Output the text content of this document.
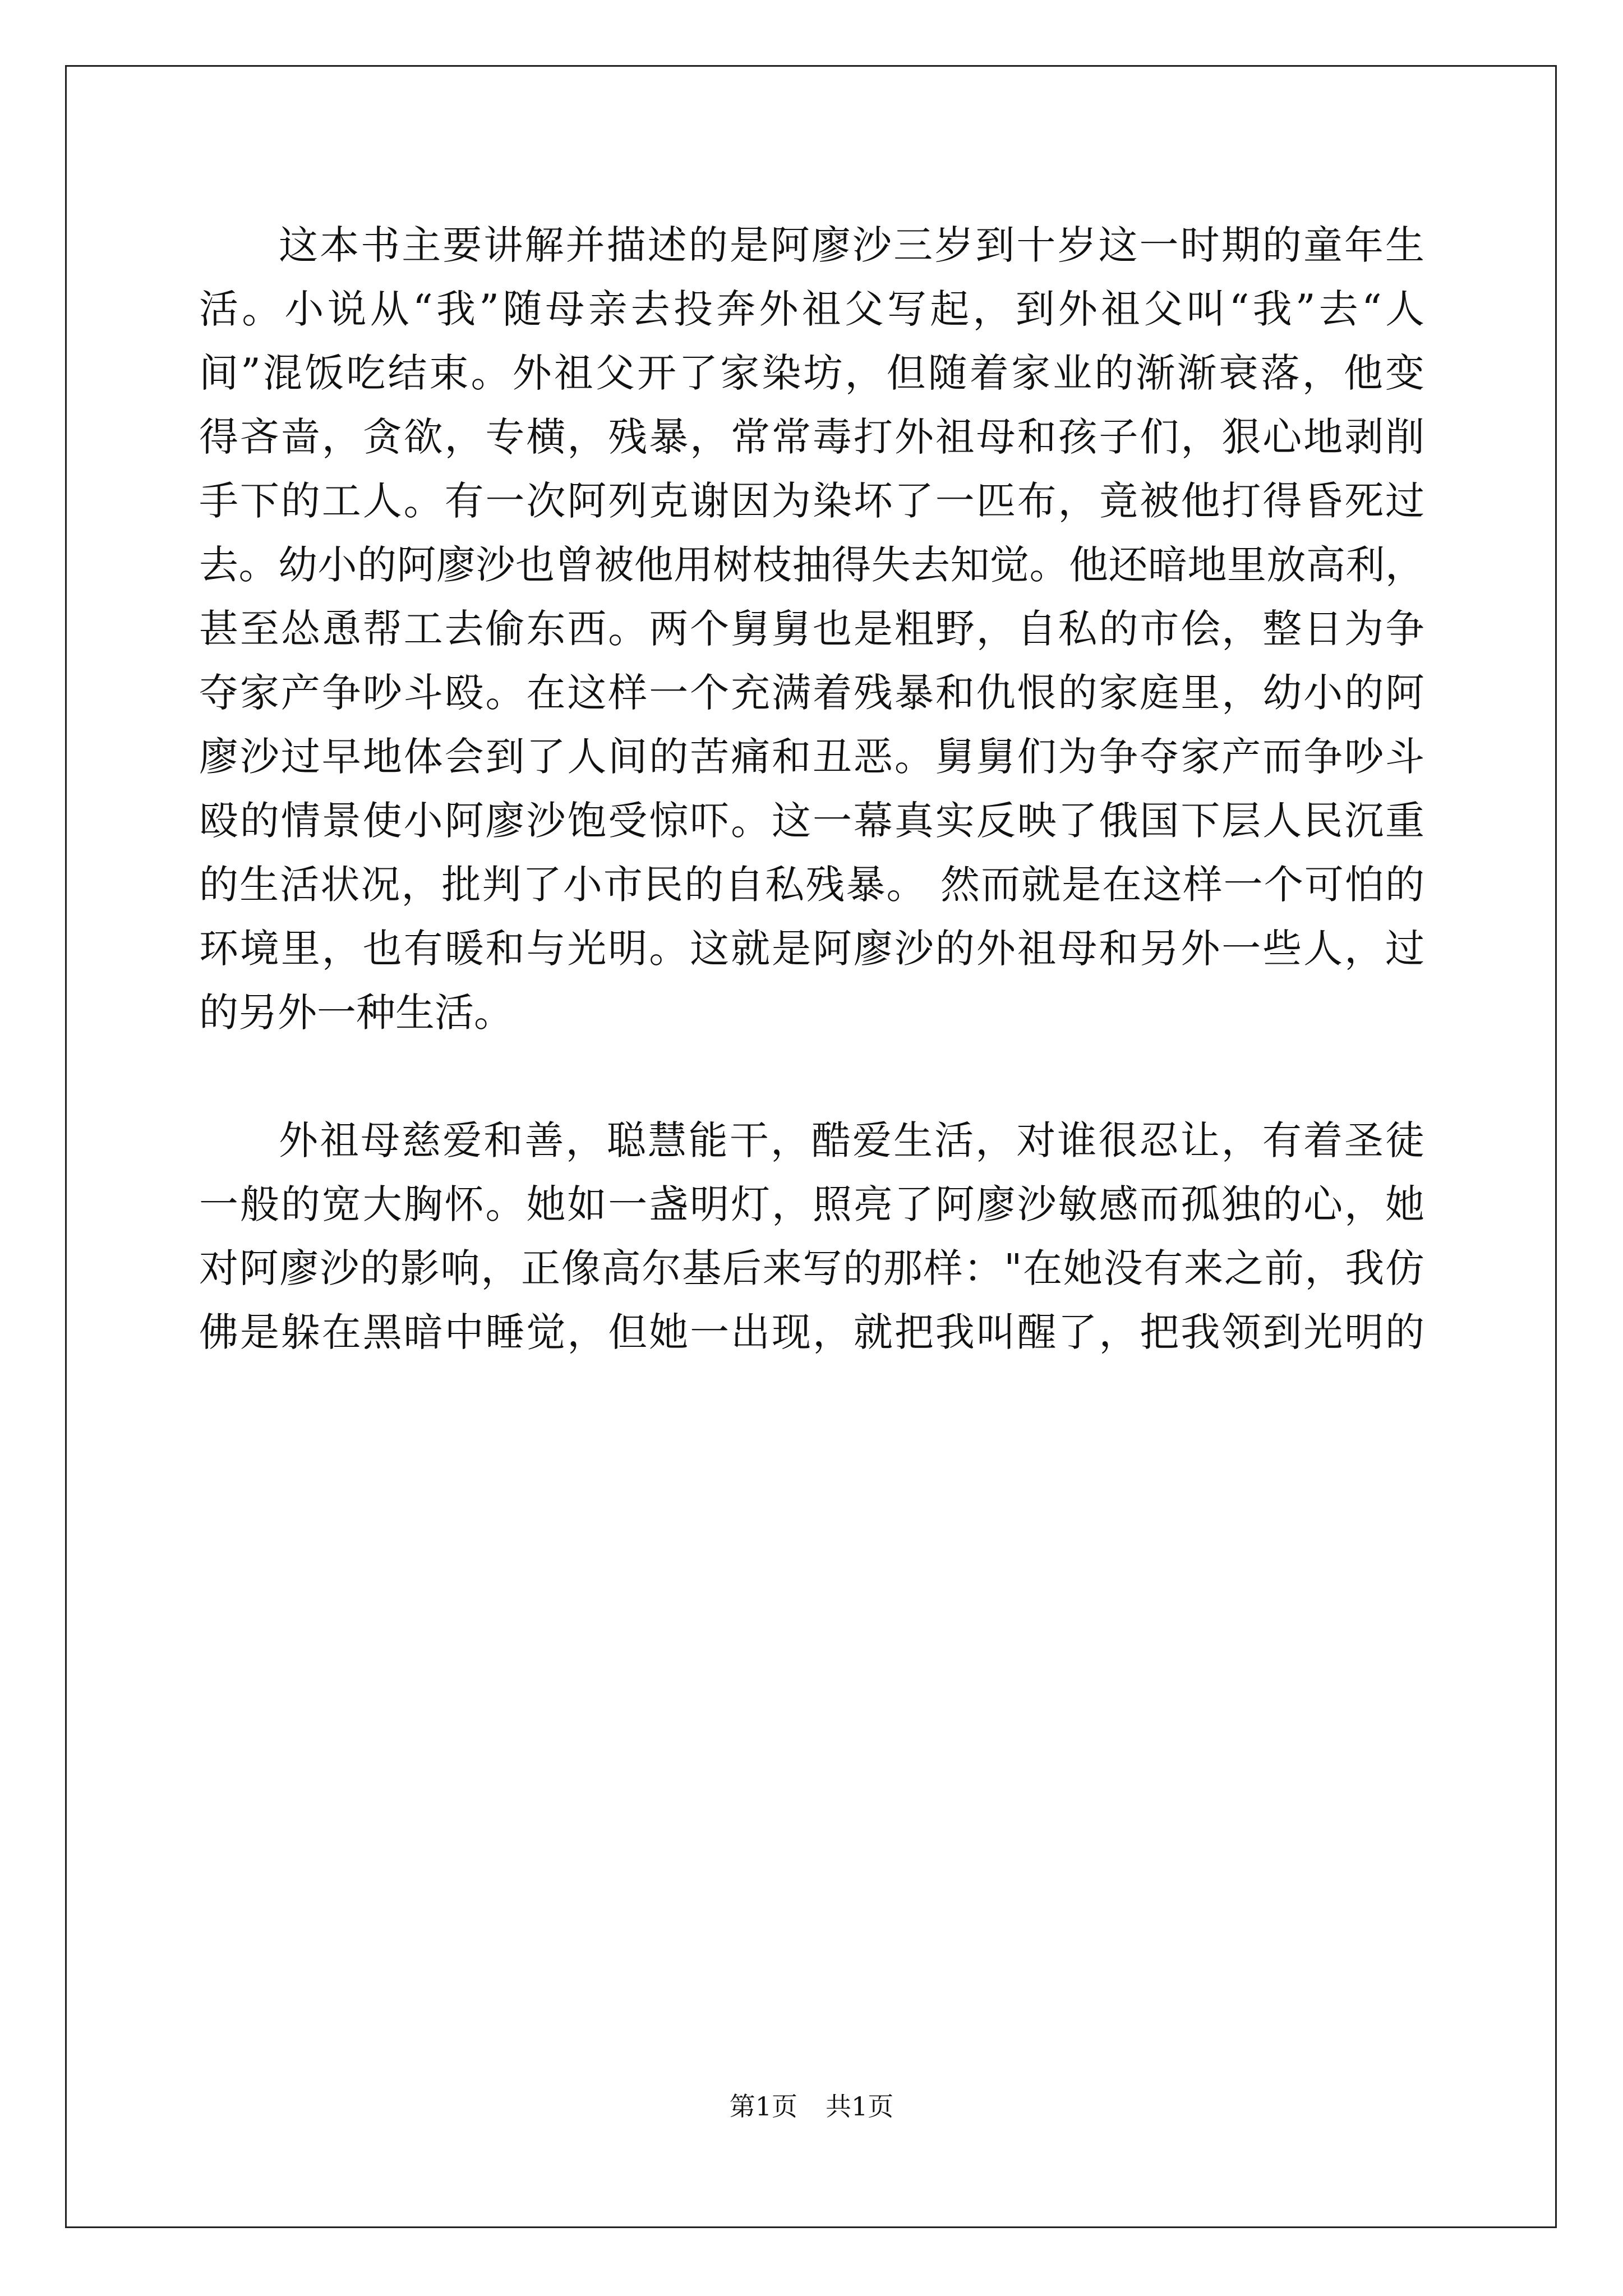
这本书主要讲解并描述的是阿廖沙三岁到十岁这一时期的童年生
活。小说从“我”随母亲去投奔外祖父写起，到外祖父叫“我”去“人
间”混饭吃结束。外祖父开了家染坊，但随着家业的渐渐衰落，他变
得吝啬，贪欲，专横，残暴，常常毒打外祖母和孩子们，狠心地剥削
手下的工人。有一次阿列克谢因为染坏了一匹布，竟被他打得昏死过
去。幼小的阿廖沙也曾被他用树枝抽得失去知觉。他还暗地里放高利，
甚至怂恿帮工去偷东西。两个舅舅也是粗野，自私的市侩，整日为争
夺家产争吵斗殴。在这样一个充满着残暴和仇恨的家庭里，幼小的阿
廖沙过早地体会到了人间的苦痛和丑恶。舅舅们为争夺家产而争吵斗
殴的情景使小阿廖沙饱受惊吓。这一幕真实反映了俄国下层人民沉重
的生活状况，批判了小市民的自私残暴。 然而就是在这样一个可怕的
环境里，也有暖和与光明。这就是阿廖沙的外祖母和另外一些人，过
的另外一种生活。
外祖母慈爱和善，聪慧能干，酷爱生活，对谁很忍让，有着圣徒
一般的宽大胸怀。她如一盏明灯，照亮了阿廖沙敏感而孤独的心，她
对阿廖沙的影响，正像高尔基后来写的那样："在她没有来之前，我仿
佛是躲在黑暗中睡觉，但她一出现，就把我叫醒了，把我领到光明的
第1页 共1页
